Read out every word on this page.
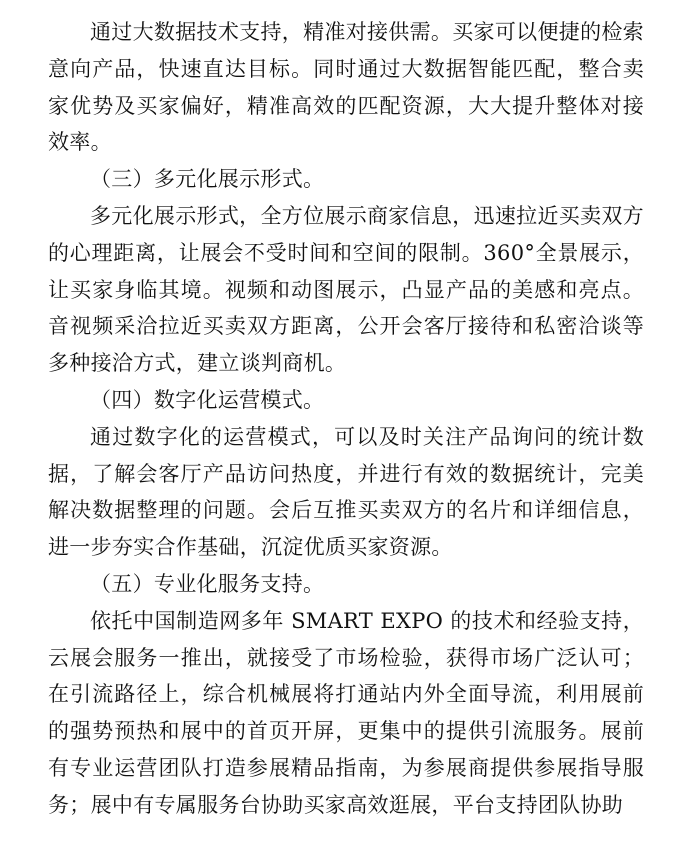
通过大数据技术支持，精准对接供需。买家可以便捷的检索意向产品，快速直达目标。同时通过大数据智能匹配，整合卖家优势及买家偏好，精准高效的匹配资源，大大提升整体对接效率。

（三）多元化展示形式。

多元化展示形式，全方位展示商家信息，迅速拉近买卖双方的心理距离，让展会不受时间和空间的限制。360°全景展示，让买家身临其境。视频和动图展示，凸显产品的美感和亮点。音视频采洽拉近买卖双方距离，公开会客厅接待和私密洽谈等多种接洽方式，建立谈判商机。

（四）数字化运营模式。

通过数字化的运营模式，可以及时关注产品询问的统计数据，了解会客厅产品访问热度，并进行有效的数据统计，完美解决数据整理的问题。会后互推买卖双方的名片和详细信息，进一步夯实合作基础，沉淀优质买家资源。

（五）专业化服务支持。

依托中国制造网多年 SMART EXPO 的技术和经验支持，云展会服务一推出，就接受了市场检验，获得市场广泛认可；在引流路径上，综合机械展将打通站内外全面导流，利用展前的强势预热和展中的首页开屏，更集中的提供引流服务。展前有专业运营团队打造参展精品指南，为参展商提供参展指导服务；展中有专属服务台协助买家高效逛展，平台支持团队协助
